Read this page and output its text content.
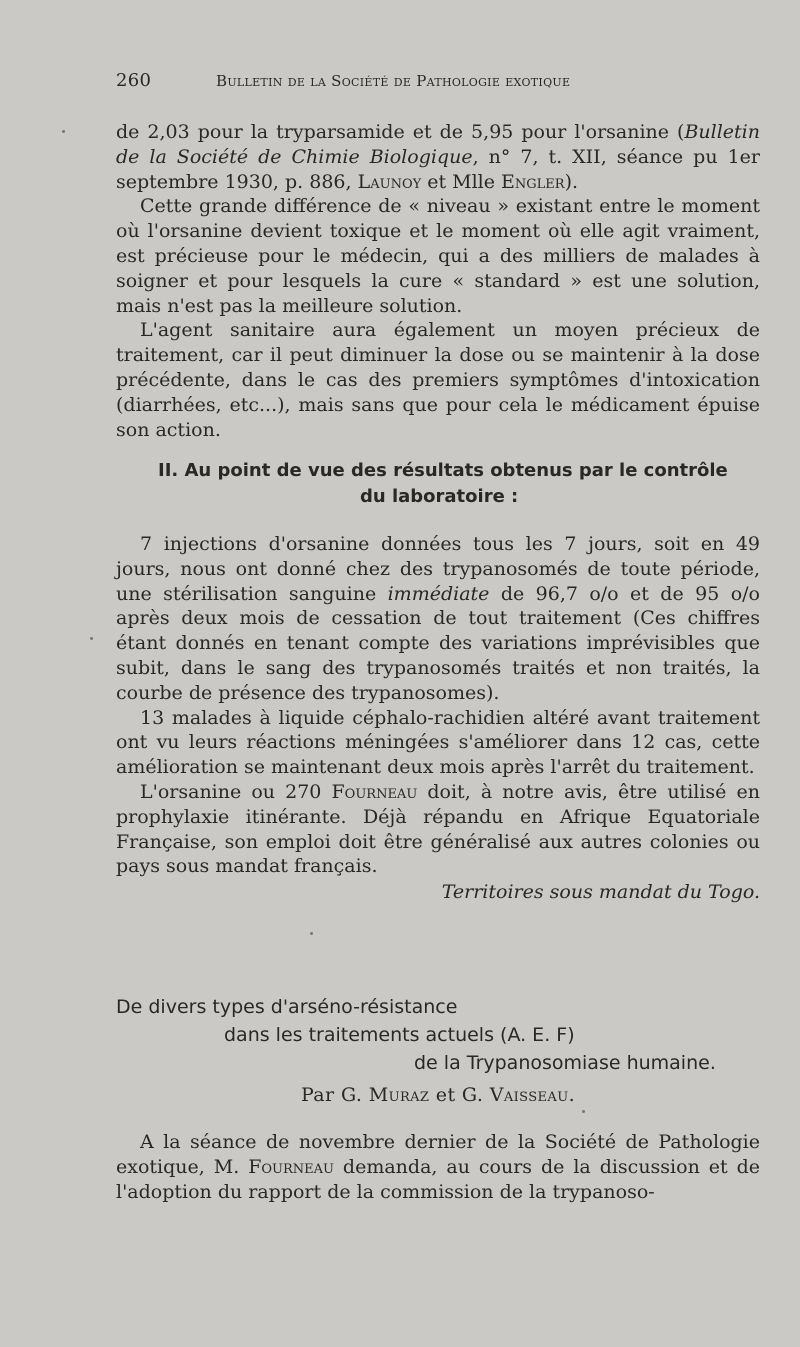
260	Bulletin de la Société de Pathologie exotique

de 2,03 pour la tryparsamide et de 5,95 pour l'orsanine (Bulletin de la Société de Chimie Biologique, n° 7, t. XII, séance pu 1er septembre 1930, p. 886, Launoy et Mlle Engler).

Cette grande différence de « niveau » existant entre le moment où l'orsanine devient toxique et le moment où elle agit vraiment, est précieuse pour le médecin, qui a des milliers de malades à soigner et pour lesquels la cure « standard » est une solution, mais n'est pas la meilleure solution.

L'agent sanitaire aura également un moyen précieux de traitement, car il peut diminuer la dose ou se maintenir à la dose précédente, dans le cas des premiers symptômes d'intoxication (diarrhées, etc...), mais sans que pour cela le médicament épuise son action.

II. Au point de vue des résultats obtenus par le contrôle
du laboratoire :

7 injections d'orsanine données tous les 7 jours, soit en 49 jours, nous ont donné chez des trypanosomés de toute période, une stérilisation sanguine immédiate de 96,7 o/o et de 95 o/o après deux mois de cessation de tout traitement (Ces chiffres étant donnés en tenant compte des variations imprévisibles que subit, dans le sang des trypanosomés traités et non traités, la courbe de présence des trypanosomes).

13 malades à liquide céphalo-rachidien altéré avant traitement ont vu leurs réactions méningées s'améliorer dans 12 cas, cette amélioration se maintenant deux mois après l'arrêt du traitement.

L'orsanine ou 270 Fourneau doit, à notre avis, être utilisé en prophylaxie itinérante. Déjà répandu en Afrique Equatoriale Française, son emploi doit être généralisé aux autres colonies ou pays sous mandat français.

Territoires sous mandat du Togo.

De divers types d'arséno-résistance
dans les traitements actuels (A. E. F)
de la Trypanosomiase humaine.
Par G. Muraz et G. Vaisseau.

A la séance de novembre dernier de la Société de Pathologie exotique, M. Fourneau demanda, au cours de la discussion et de l'adoption du rapport de la commission de la trypanoso-
